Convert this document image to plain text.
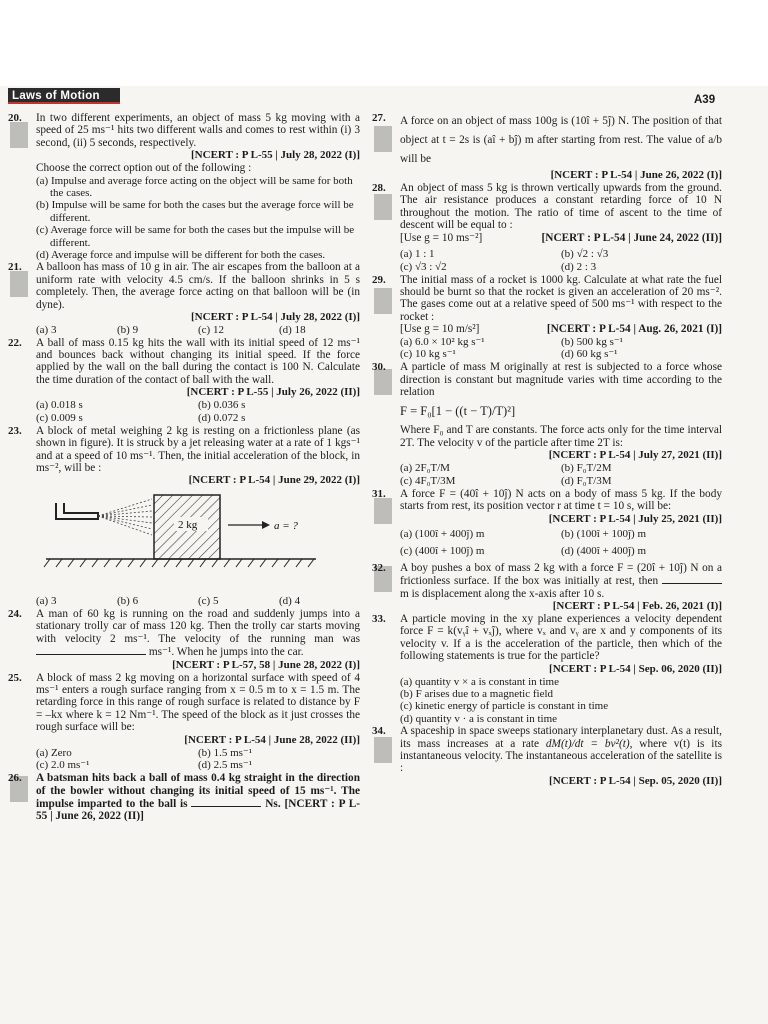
Laws of Motion	A39
20.	In two different experiments, an object of mass 5 kg moving with a speed of 25 ms⁻¹ hits two different walls and comes to rest within (i) 3 second, (ii) 5 seconds, respectively.
[NCERT : P L-55 | July 28, 2022 (I)]
Choose the correct option out of the following :
(a) Impulse and average force acting on the object will be same for both the cases.
(b) Impulse will be same for both the cases but the average force will be different.
(c) Average force will be same for both the cases but the impulse will be different.
(d) Average force and impulse will be different for both the cases.
21.	A balloon has mass of 10 g in air. The air escapes from the balloon at a uniform rate with velocity 4.5 cm/s. If the balloon shrinks in 5 s completely. Then, the average force acting on that balloon will be (in dyne).
[NCERT : P L-54 | July 28, 2022 (I)]
(a) 3	(b) 9	(c) 12	(d) 18
22.	A ball of mass 0.15 kg hits the wall with its initial speed of 12 ms⁻¹ and bounces back without changing its initial speed. If the force applied by the wall on the ball during the contact is 100 N. Calculate the time duration of the contact of ball with the wall.
[NCERT : P L-55 | July 26, 2022 (II)]
(a) 0.018 s	(b) 0.036 s
(c) 0.009 s	(d) 0.072 s
23.	A block of metal weighing 2 kg is resting on a frictionless plane (as shown in figure). It is struck by a jet releasing water at a rate of 1 kgs⁻¹ and at a speed of 10 ms⁻¹. Then, the initial acceleration of the block, in ms⁻², will be :
[NCERT : P L-54 | June 29, 2022 (I)]
2 kg	a = ?
(a) 3	(b) 6	(c) 5	(d) 4
24.	A man of 60 kg is running on the road and suddenly jumps into a stationary trolly car of mass 120 kg. Then the trolly car starts moving with velocity 2 ms⁻¹. The velocity of the running man was  ms⁻¹. When he jumps into the car.
[NCERT : P L-57, 58 | June 28, 2022 (I)]
25.	A block of mass 2 kg moving on a horizontal surface with speed of 4 ms⁻¹ enters a rough surface ranging from x = 0.5 m to x = 1.5 m. The retarding force in this range of rough surface is related to distance by F = –kx where k = 12 Nm⁻¹. The speed of the block as it just crosses the rough surface will be:
[NCERT : P L-54 | June 28, 2022 (II)]
(a) Zero	(b) 1.5 ms⁻¹
(c) 2.0 ms⁻¹	(d) 2.5 ms⁻¹
26.	A batsman hits back a ball of mass 0.4 kg straight in the direction of the bowler without changing its initial speed of 15 ms⁻¹. The impulse imparted to the ball is	Ns. [NCERT : P L-55 | June 26, 2022 (II)]
27.	A force on an object of mass 100g is (10î + 5ĵ) N. The position of that object at t = 2s is (aî + bĵ) m after starting from rest. The value of a/b will be
[NCERT : P L-54 | June 26, 2022 (I)]
28.	An object of mass 5 kg is thrown vertically upwards from the ground. The air resistance produces a constant retarding force of 10 N throughout the motion. The ratio of time of ascent to the time of descent will be equal to :
[Use g = 10 ms⁻²]	[NCERT : P L-54 | June 24, 2022 (II)]
(a) 1 : 1	(b) √2 : √3
(c) √3 : √2	(d) 2 : 3
29.	The initial mass of a rocket is 1000 kg. Calculate at what rate the fuel should be burnt so that the rocket is given an acceleration of 20 ms⁻². The gases come out at a relative speed of 500 ms⁻¹ with respect to the rocket :
[Use g = 10 m/s²]	[NCERT : P L-54 | Aug. 26, 2021 (I)]
(a) 6.0 × 10² kg s⁻¹	(b) 500 kg s⁻¹
(c) 10 kg s⁻¹	(d) 60 kg s⁻¹
30.	A particle of mass M originally at rest is subjected to a force whose direction is constant but magnitude varies with time according to the relation
F = F₀[1 − ((t − T)/T)²]
Where F₀ and T are constants. The force acts only for the time interval 2T. The velocity v of the particle after time 2T is:
[NCERT : P L-54 | July 27, 2021 (II)]
(a) 2F₀T/M	(b) F₀T/2M
(c) 4F₀T/3M	(d) F₀T/3M
31.	A force F = (40î + 10ĵ) N acts on a body of mass 5 kg. If the body starts from rest, its position vector r at time t = 10 s, will be:
[NCERT : P L-54 | July 25, 2021 (II)]
(a) (100î + 400ĵ) m	(b) (100î + 100ĵ) m
(c) (400î + 100ĵ) m	(d) (400î + 400ĵ) m
32.	A boy pushes a box of mass 2 kg with a force F = (20î + 10ĵ) N on a frictionless surface. If the box was initially at rest, then  m is displacement along the x-axis after 10 s.
[NCERT : P L-54 | Feb. 26, 2021 (I)]
33.	A particle moving in the xy plane experiences a velocity dependent force F = k(vᵧî + vₓĵ), where vₓ and vᵧ are x and y components of its velocity v. If a is the acceleration of the particle, then which of the following statements is true for the particle?
[NCERT : P L-54 | Sep. 06, 2020 (II)]
(a) quantity v × a is constant in time
(b) F arises due to a magnetic field
(c) kinetic energy of particle is constant in time
(d) quantity v · a is constant in time
34.	A spaceship in space sweeps stationary interplanetary dust. As a result, its mass increases at a rate dM(t)/dt = bv²(t), where v(t) is its instantaneous velocity. The instantaneous acceleration of the satellite is :
[NCERT : P L-54 | Sep. 05, 2020 (II)]
